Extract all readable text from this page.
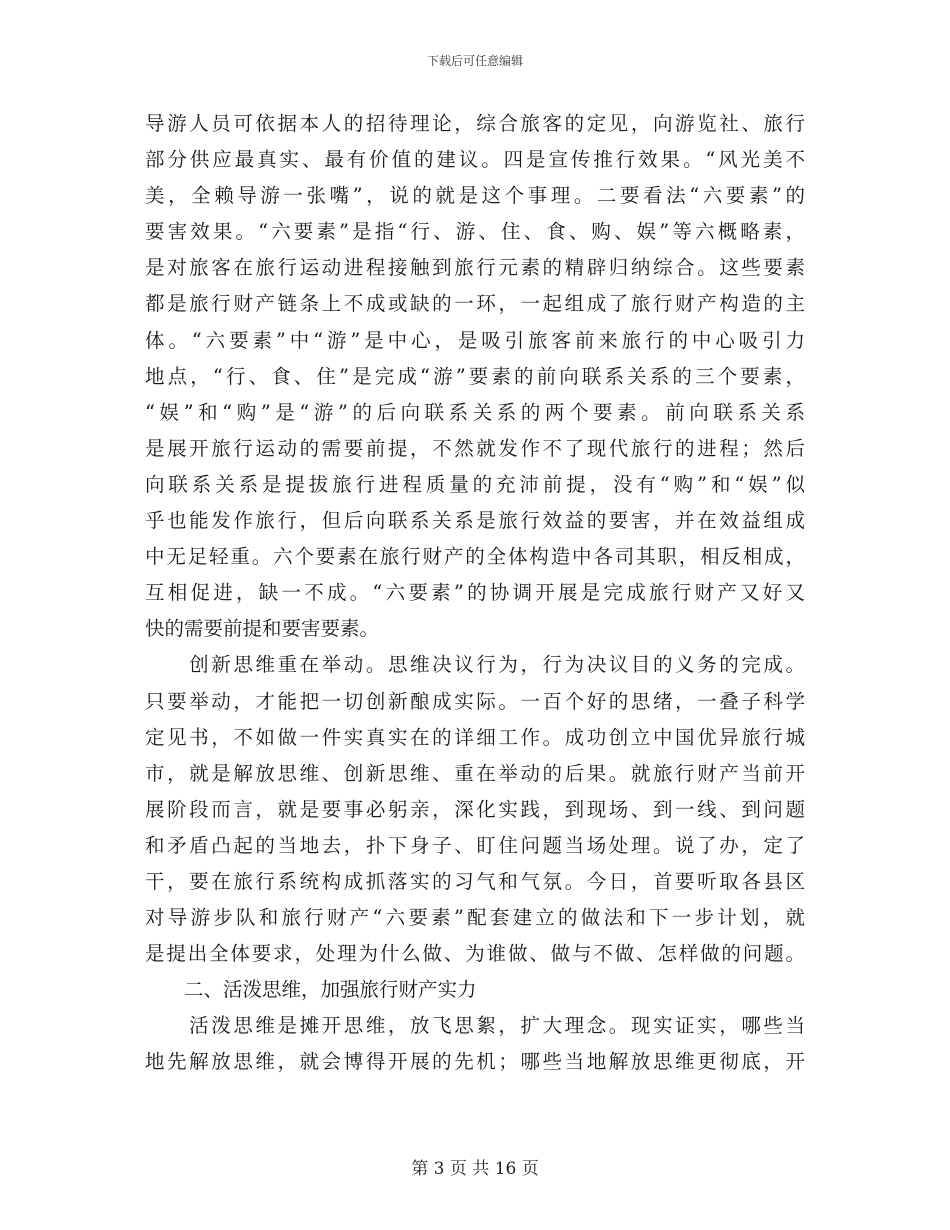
下载后可任意编辑
导游人员可依据本人的招待理论，综合旅客的定见，向游览社、旅行
部分供应最真实、最有价值的建议。四是宣传推行效果。“风光美不
美，全赖导游一张嘴”，说的就是这个事理。二要看法“六要素”的
要害效果。“六要素”是指“行、游、住、食、购、娱”等六概略素，
是对旅客在旅行运动进程接触到旅行元素的精辟归纳综合。这些要素
都是旅行财产链条上不成或缺的一环，一起组成了旅行财产构造的主
体。“六要素”中“游”是中心，是吸引旅客前来旅行的中心吸引力
地点，“行、食、住”是完成“游”要素的前向联系关系的三个要素，
“娱”和“购”是“游”的后向联系关系的两个要素。前向联系关系
是展开旅行运动的需要前提，不然就发作不了现代旅行的进程；然后
向联系关系是提拔旅行进程质量的充沛前提，没有“购”和“娱”似
乎也能发作旅行，但后向联系关系是旅行效益的要害，并在效益组成
中无足轻重。六个要素在旅行财产的全体构造中各司其职，相反相成，
互相促进，缺一不成。“六要素”的协调开展是完成旅行财产又好又
快的需要前提和要害要素。
　　创新思维重在举动。思维决议行为，行为决议目的义务的完成。
只要举动，才能把一切创新酿成实际。一百个好的思绪，一叠子科学
定见书，不如做一件实真实在的详细工作。成功创立中国优异旅行城
市，就是解放思维、创新思维、重在举动的后果。就旅行财产当前开
展阶段而言，就是要事必躬亲，深化实践，到现场、到一线、到问题
和矛盾凸起的当地去，扑下身子、盯住问题当场处理。说了办，定了
干，要在旅行系统构成抓落实的习气和气氛。今日，首要听取各县区
对导游步队和旅行财产“六要素”配套建立的做法和下一步计划，就
是提出全体要求，处理为什么做、为谁做、做与不做、怎样做的问题。
　　二、活泼思维，加强旅行财产实力
　　活泼思维是摊开思维，放飞思絮，扩大理念。现实证实，哪些当
地先解放思维，就会博得开展的先机；哪些当地解放思维更彻底，开
第 3 页 共 16 页
